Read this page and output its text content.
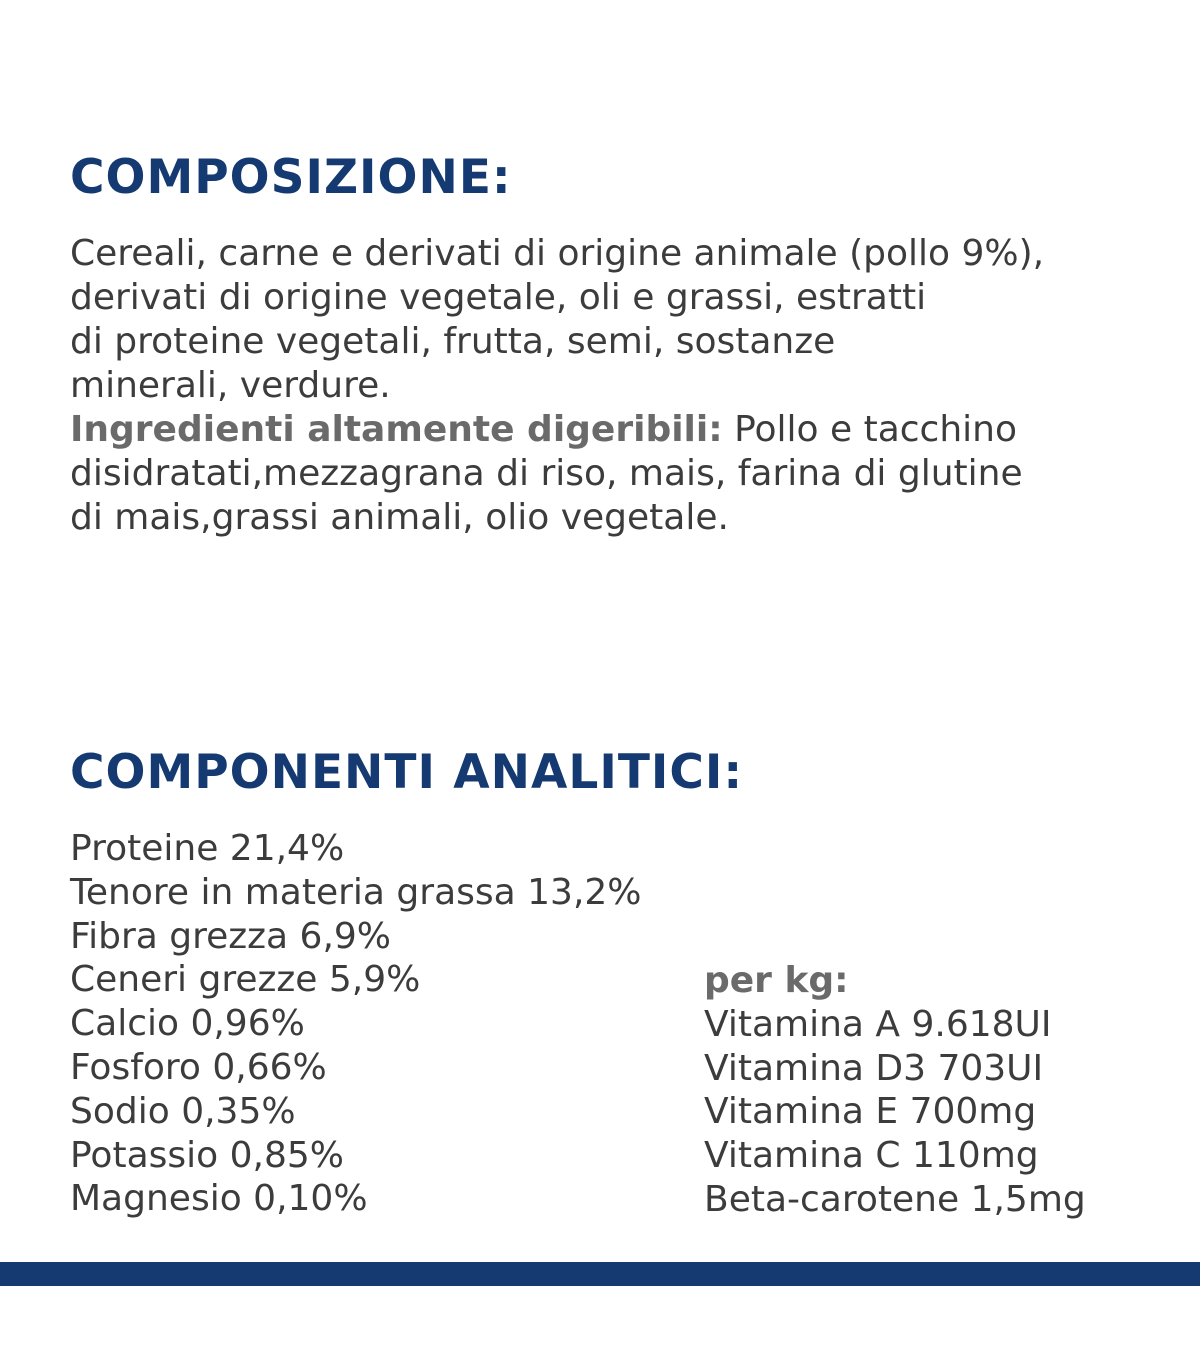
COMPOSIZIONE:
Cereali, carne e derivati di origine animale (pollo 9%),
derivati di origine vegetale, oli e grassi, estratti
di proteine vegetali, frutta, semi, sostanze
minerali, verdure.
Ingredienti altamente digeribili: Pollo e tacchino
disidratati,mezzagrana di riso, mais, farina di glutine
di mais,grassi animali, olio vegetale.
COMPONENTI ANALITICI:
Proteine 21,4%
Tenore in materia grassa 13,2%
Fibra grezza 6,9%
Ceneri grezze 5,9%
Calcio 0,96%
Fosforo 0,66%
Sodio 0,35%
Potassio 0,85%
Magnesio 0,10%
per kg:
Vitamina A 9.618UI
Vitamina D3 703UI
Vitamina E 700mg
Vitamina C 110mg
Beta-carotene 1,5mg
